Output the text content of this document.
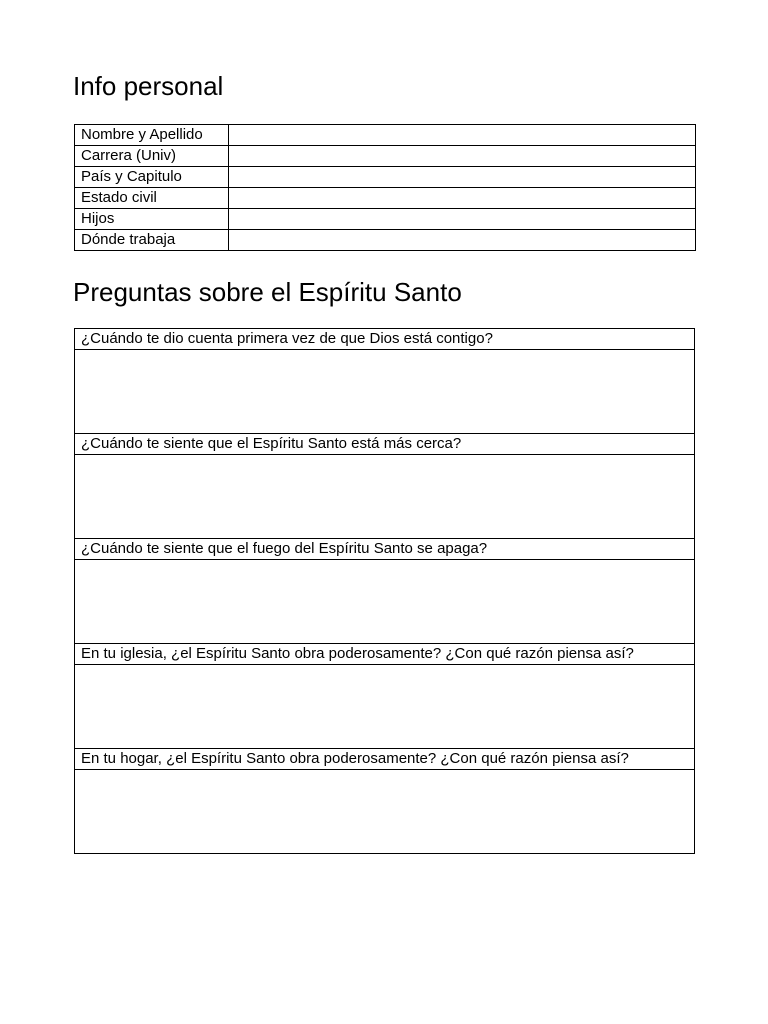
Info personal
Nombre y Apellido	
Carrera (Univ)	
País y Capitulo	
Estado civil	
Hijos	
Dónde trabaja	
Preguntas sobre el Espíritu Santo
¿Cuándo te dio cuenta primera vez de que Dios está contigo?

¿Cuándo te siente que el Espíritu Santo está más cerca?

¿Cuándo te siente que el fuego del Espíritu Santo se apaga?

En tu iglesia, ¿el Espíritu Santo obra poderosamente? ¿Con qué razón piensa así?

En tu hogar, ¿el Espíritu Santo obra poderosamente? ¿Con qué razón piensa así?
